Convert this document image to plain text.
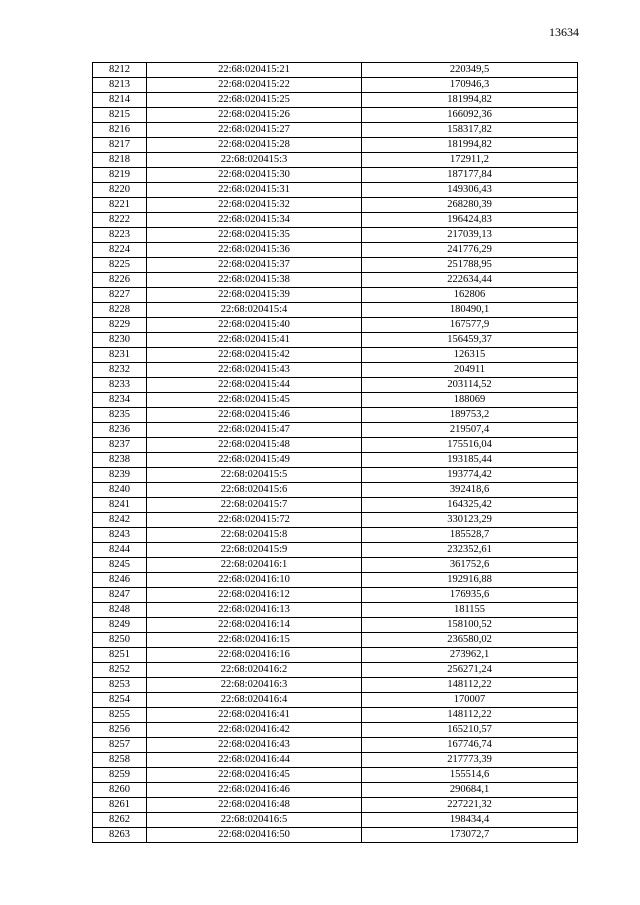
13634
8212	22:68:020415:21	220349,5
8213	22:68:020415:22	170946,3
8214	22:68:020415:25	181994,82
8215	22:68:020415:26	166092,36
8216	22:68:020415:27	158317,82
8217	22:68:020415:28	181994,82
8218	22:68:020415:3	172911,2
8219	22:68:020415:30	187177,84
8220	22:68:020415:31	149306,43
8221	22:68:020415:32	268280,39
8222	22:68:020415:34	196424,83
8223	22:68:020415:35	217039,13
8224	22:68:020415:36	241776,29
8225	22:68:020415:37	251788,95
8226	22:68:020415:38	222634,44
8227	22:68:020415:39	162806
8228	22:68:020415:4	180490,1
8229	22:68:020415:40	167577,9
8230	22:68:020415:41	156459,37
8231	22:68:020415:42	126315
8232	22:68:020415:43	204911
8233	22:68:020415:44	203114,52
8234	22:68:020415:45	188069
8235	22:68:020415:46	189753,2
8236	22:68:020415:47	219507,4
8237	22:68:020415:48	175516,04
8238	22:68:020415:49	193185,44
8239	22:68:020415:5	193774,42
8240	22:68:020415:6	392418,6
8241	22:68:020415:7	164325,42
8242	22:68:020415:72	330123,29
8243	22:68:020415:8	185528,7
8244	22:68:020415:9	232352,61
8245	22:68:020416:1	361752,6
8246	22:68:020416:10	192916,88
8247	22:68:020416:12	176935,6
8248	22:68:020416:13	181155
8249	22:68:020416:14	158100,52
8250	22:68:020416:15	236580,02
8251	22:68:020416:16	273962,1
8252	22:68:020416:2	256271,24
8253	22:68:020416:3	148112,22
8254	22:68:020416:4	170007
8255	22:68:020416:41	148112,22
8256	22:68:020416:42	165210,57
8257	22:68:020416:43	167746,74
8258	22:68:020416:44	217773,39
8259	22:68:020416:45	155514,6
8260	22:68:020416:46	290684,1
8261	22:68:020416:48	227221,32
8262	22:68:020416:5	198434,4
8263	22:68:020416:50	173072,7
